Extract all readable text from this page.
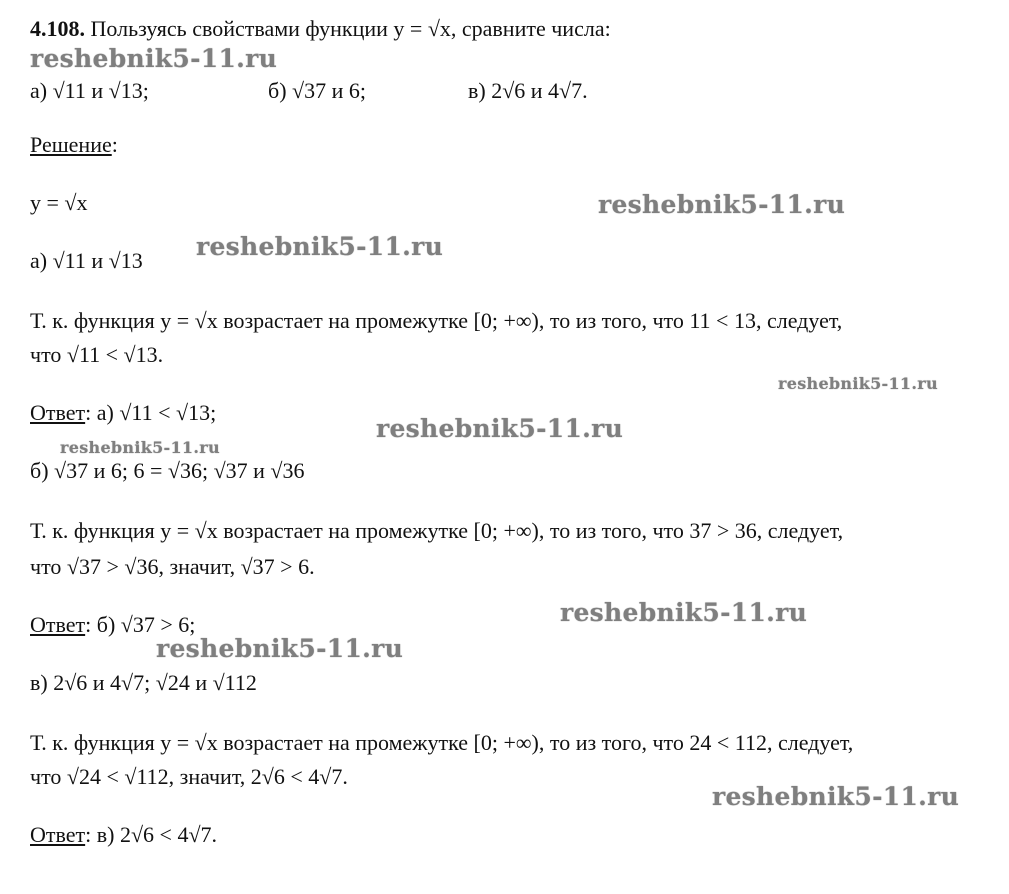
4.108. Пользуясь свойствами функции y = √x, сравните числа:
а) √11 и √13;	б) √37 и 6;	в) 2√6 и 4√7.
Решение:
y = √x
а) √11 и √13
Т. к. функция y = √x возрастает на промежутке [0; +∞), то из того, что 11 < 13, следует,
что √11 < √13.
Ответ: а) √11 < √13;
б) √37 и 6; 6 = √36; √37 и √36
Т. к. функция y = √x возрастает на промежутке [0; +∞), то из того, что 37 > 36, следует,
что √37 > √36, значит, √37 > 6.
Ответ: б) √37 > 6;
в) 2√6 и 4√7; √24 и √112
Т. к. функция y = √x возрастает на промежутке [0; +∞), то из того, что 24 < 112, следует,
что √24 < √112, значит, 2√6 < 4√7.
Ответ: в) 2√6 < 4√7.
reshebnik5-11.ru
reshebnik5-11.ru
reshebnik5-11.ru
reshebnik5-11.ru
reshebnik5-11.ru
reshebnik5-11.ru
reshebnik5-11.ru
reshebnik5-11.ru
reshebnik5-11.ru
